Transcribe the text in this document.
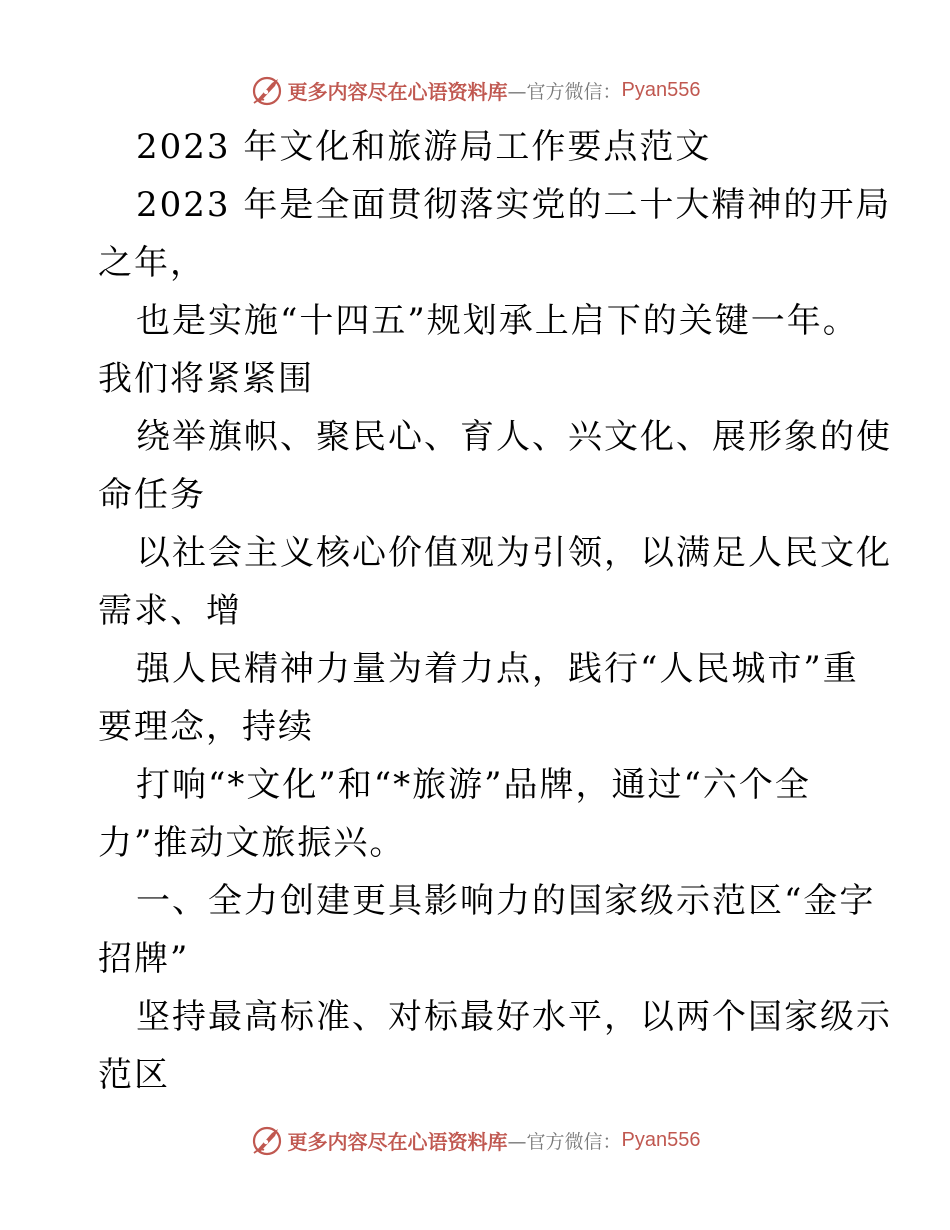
更多内容尽在心语资料库 —官方微信： Pyan556
2023 年文化和旅游局工作要点范文
2023 年是全面贯彻落实党的二十大精神的开局
之年，
也是实施“十四五”规划承上启下的关键一年。
我们将紧紧围
绕举旗帜、聚民心、育人、兴文化、展形象的使
命任务
以社会主义核心价值观为引领，以满足人民文化
需求、增
强人民精神力量为着力点，践行“人民城市”重
要理念，持续
打响“*文化”和“*旅游”品牌，通过“六个全
力”推动文旅振兴。
一、全力创建更具影响力的国家级示范区“金字
招牌”
坚持最高标准、对标最好水平，以两个国家级示
范区
更多内容尽在心语资料库 —官方微信： Pyan556
